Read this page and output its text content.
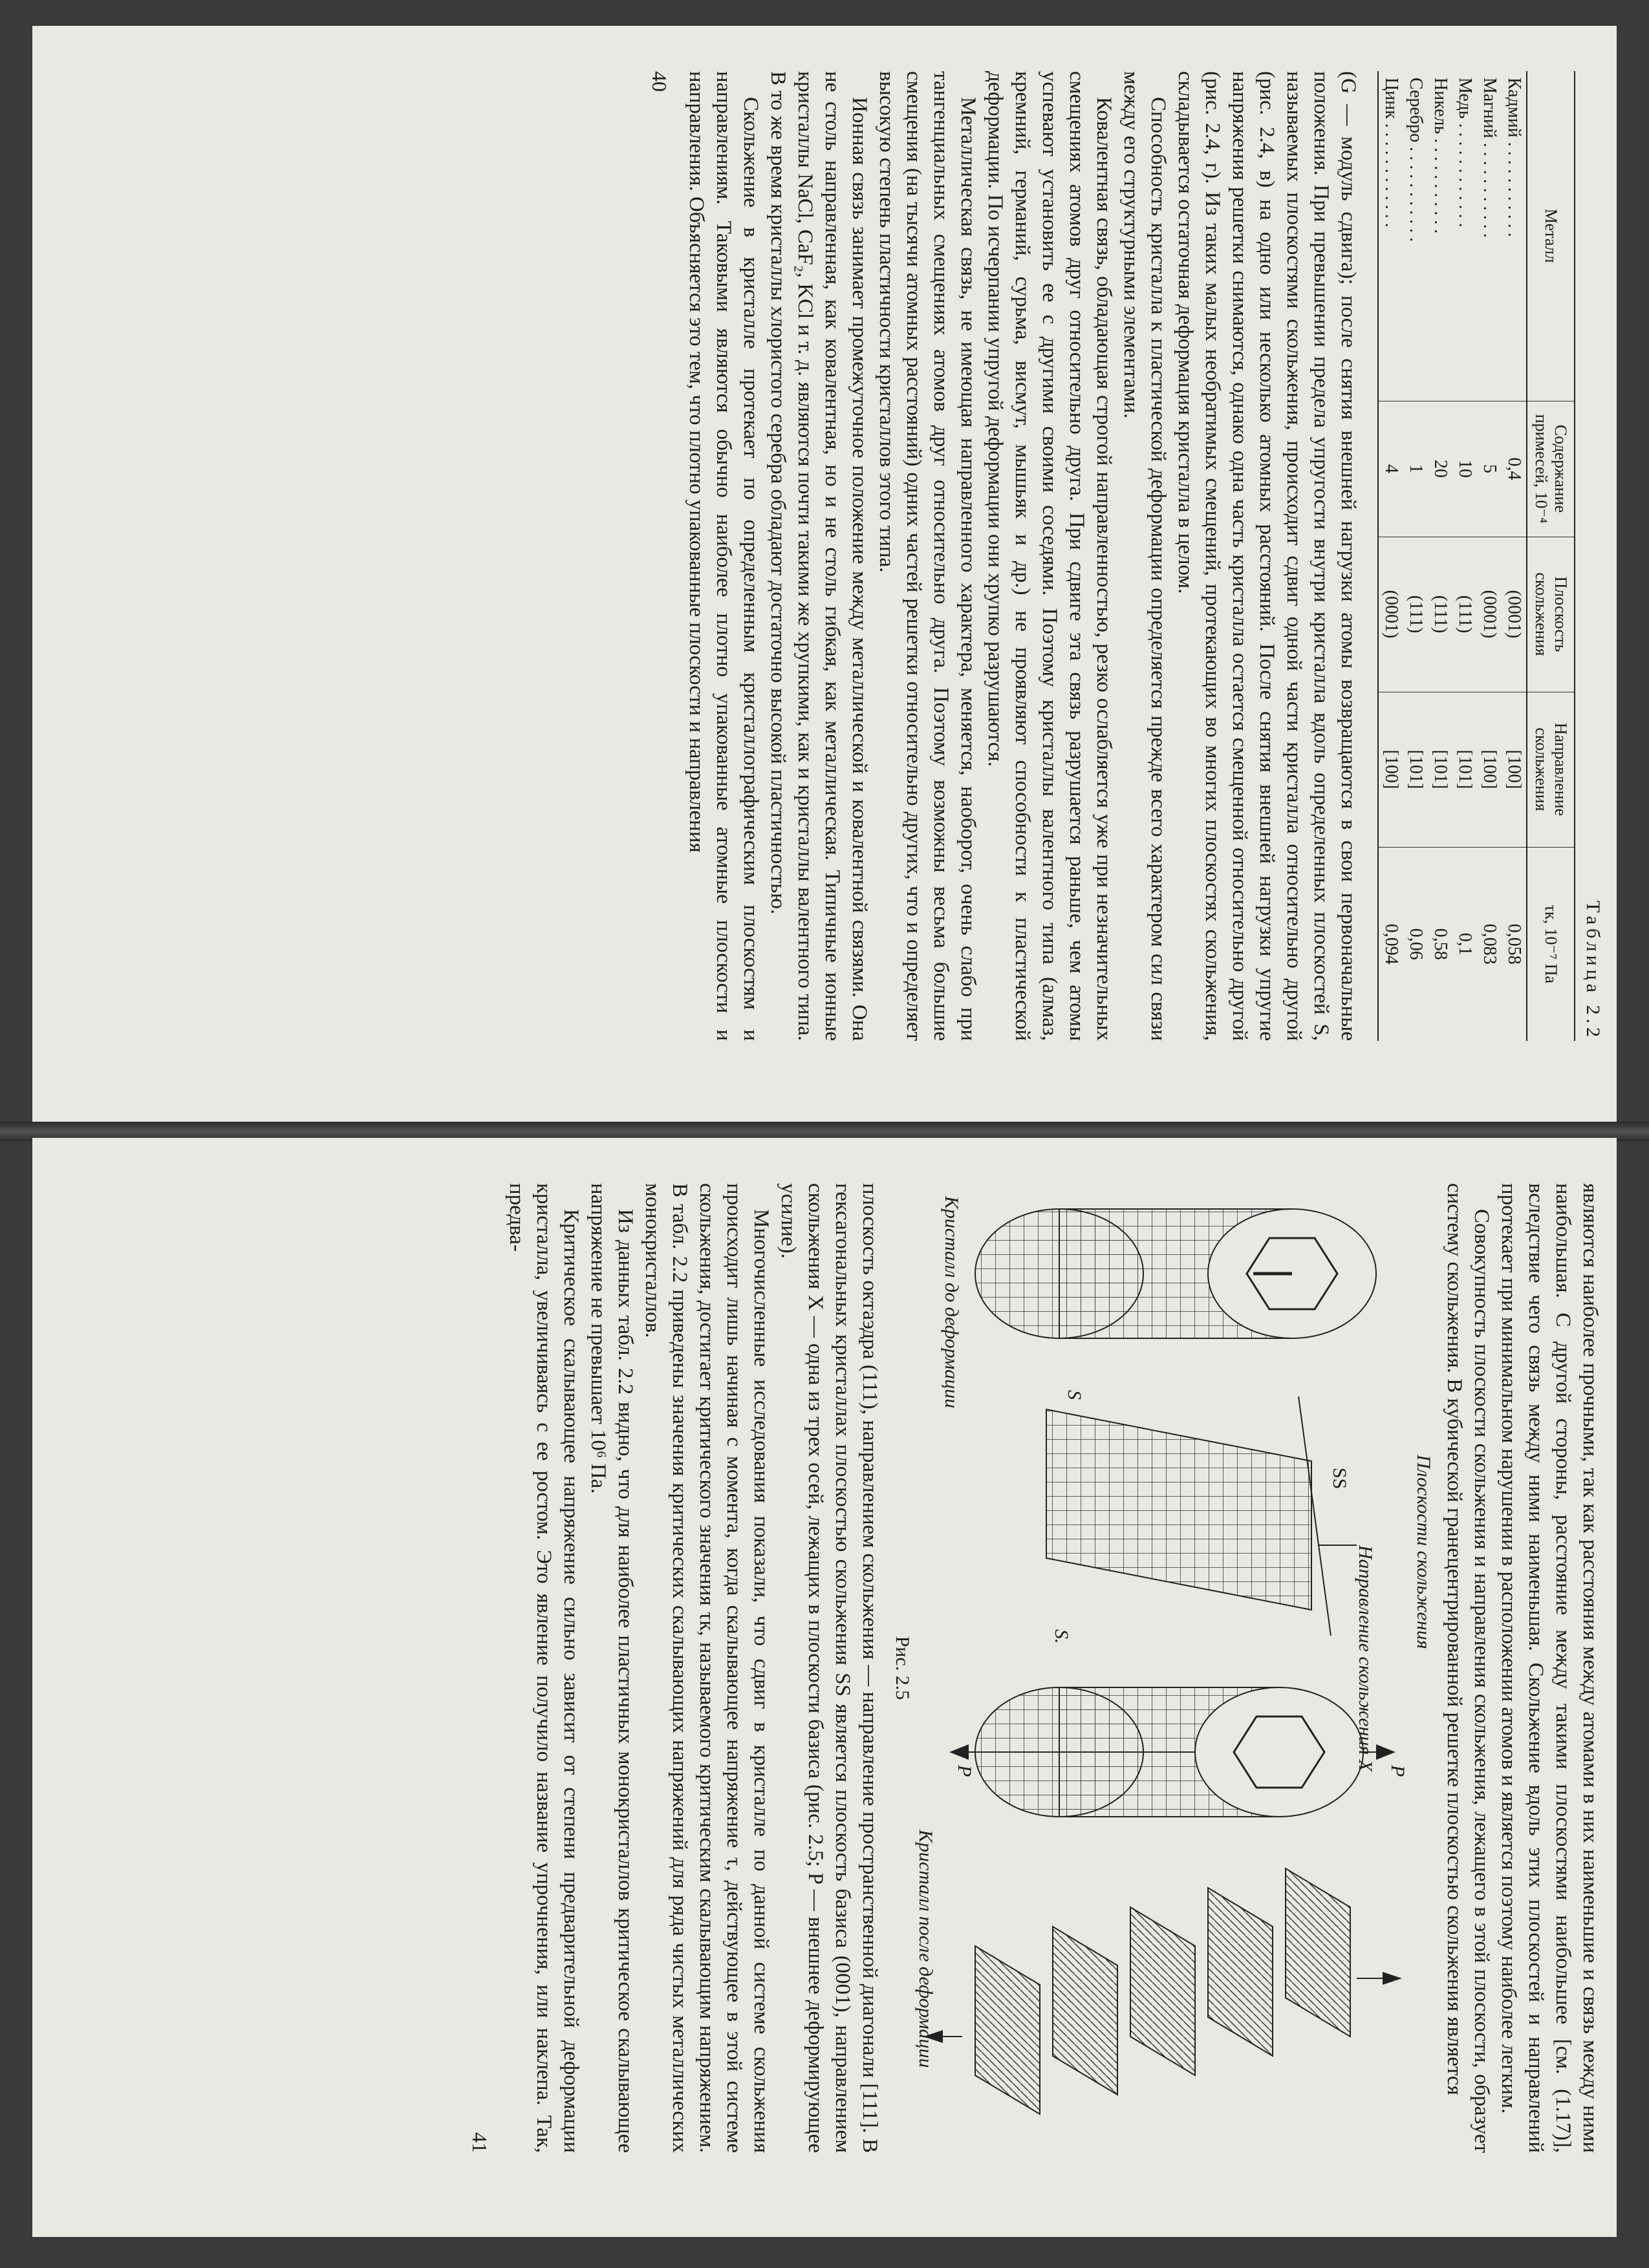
Таблица 2.2

Металл	Содержание примесей, 10⁻⁴	Плоскость скольжения	Направление скольжения	τк, 10⁻⁷ Па
Кадмий . . . . . . . . . . .	0,4	(0001)	[100]	0,058
Магний . . . . . . . . . . .	5	(0001)	[100]	0,083
Медь . . . . . . . . . . . .	10	(111)	[101]	0,1
Никель . . . . . . . . . . .	20	(111)	[101]	0,58
Серебро . . . . . . . . . . .	1	(111)	[101]	0,06
Цинк . . . . . . . . . . . .	4	(0001)	[100]	0,094

(G — модуль сдвига); после снятия внешней нагрузки атомы возвращаются в свои первоначальные положения. При превышении предела упругости внутри кристалла вдоль определенных плоскостей S, называемых плоскостями скольжения, происходит сдвиг одной части кристалла относительно другой (рис. 2.4, в) на одно или несколько атомных расстояний. После снятия внешней нагрузки упругие напряжения решетки снимаются, однако одна часть кристалла остается смещенной относительно другой (рис. 2.4, г). Из таких малых необратимых смещений, протекающих во многих плоскостях скольжения, складывается остаточная деформация кристалла в целом.

Способность кристалла к пластической деформации определяется прежде всего характером сил связи между его структурными элементами.

Ковалентная связь, обладающая строгой направленностью, резко ослабляется уже при незначительных смещениях атомов друг относительно друга. При сдвиге эта связь разрушается раньше, чем атомы успевают установить ее с другими своими соседями. Поэтому кристаллы валентного типа (алмаз, кремний, германий, сурьма, висмут, мышьяк и др.) не проявляют способности к пластической деформации. По исчерпании упругой деформации они хрупко разрушаются.

Металлическая связь, не имеющая направленного характера, меняется, наоборот, очень слабо при тангенциальных смещениях атомов друг относительно друга. Поэтому возможны весьма большие смещения (на тысячи атомных расстояний) одних частей решетки относительно других, что и определяет высокую степень пластичности кристаллов этого типа.

Ионная связь занимает промежуточное положение между металлической и ковалентной связями. Она не столь направленная, как ковалентная, но и не столь гибкая, как металлическая. Типичные ионные кристаллы NaCl, CaF₂, KCl и т. д. являются почти такими же хрупкими, как и кристаллы валентного типа. В то же время кристаллы хлористого серебра обладают достаточно высокой пластичностью.

Скольжение в кристалле протекает по определенным кристаллографическим плоскостям и направлениям. Таковыми являются обычно наиболее плотно упакованные атомные плоскости и направления. Объясняется это тем, что плотно упакованные плоскости и направления

40

являются наиболее прочными, так как расстояния между атомами в них наименьшие и связь между ними наибольшая. С другой стороны, расстояние между такими плоскостями наибольшее [см. (1.17)], вследствие чего связь между ними наименьшая. Скольжение вдоль этих плоскостей и направлений протекает при минимальном нарушении в расположении атомов и является поэтому наиболее легким.

Совокупность плоскости скольжения и направления скольжения, лежащего в этой плоскости, образует систему скольжения. В кубической гранецентрированной решетке плоскостью скольжения является

Плоскости скольжения
Направление скольжения X
SS
S
S.
P
P
Кристалл до деформации
Кристалл после деформации

Рис. 2.5

плоскость октаэдра (111), направлением скольжения — направление пространственной диагонали [111]. В гексагональных кристаллах плоскостью скольжения SS является плоскость базиса (0001), направлением скольжения X — одна из трех осей, лежащих в плоскости базиса (рис. 2.5; P — внешнее деформирующее усилие).

Многочисленные исследования показали, что сдвиг в кристалле по данной системе скольжения происходит лишь начиная с момента, когда скалывающее напряжение τ, действующее в этой системе скольжения, достигает критического значения τк, называемого критическим скалывающим напряжением. В табл. 2.2 приведены значения критических скалывающих напряжений для ряда чистых металлических монокристаллов.

Из данных табл. 2.2 видно, что для наиболее пластичных монокристаллов критическое скалывающее напряжение не превышает 10⁶ Па.

Критическое скалывающее напряжение сильно зависит от степени предварительной деформации кристалла, увеличиваясь с ее ростом. Это явление получило название упрочнения, или наклепа. Так, предва-

41
